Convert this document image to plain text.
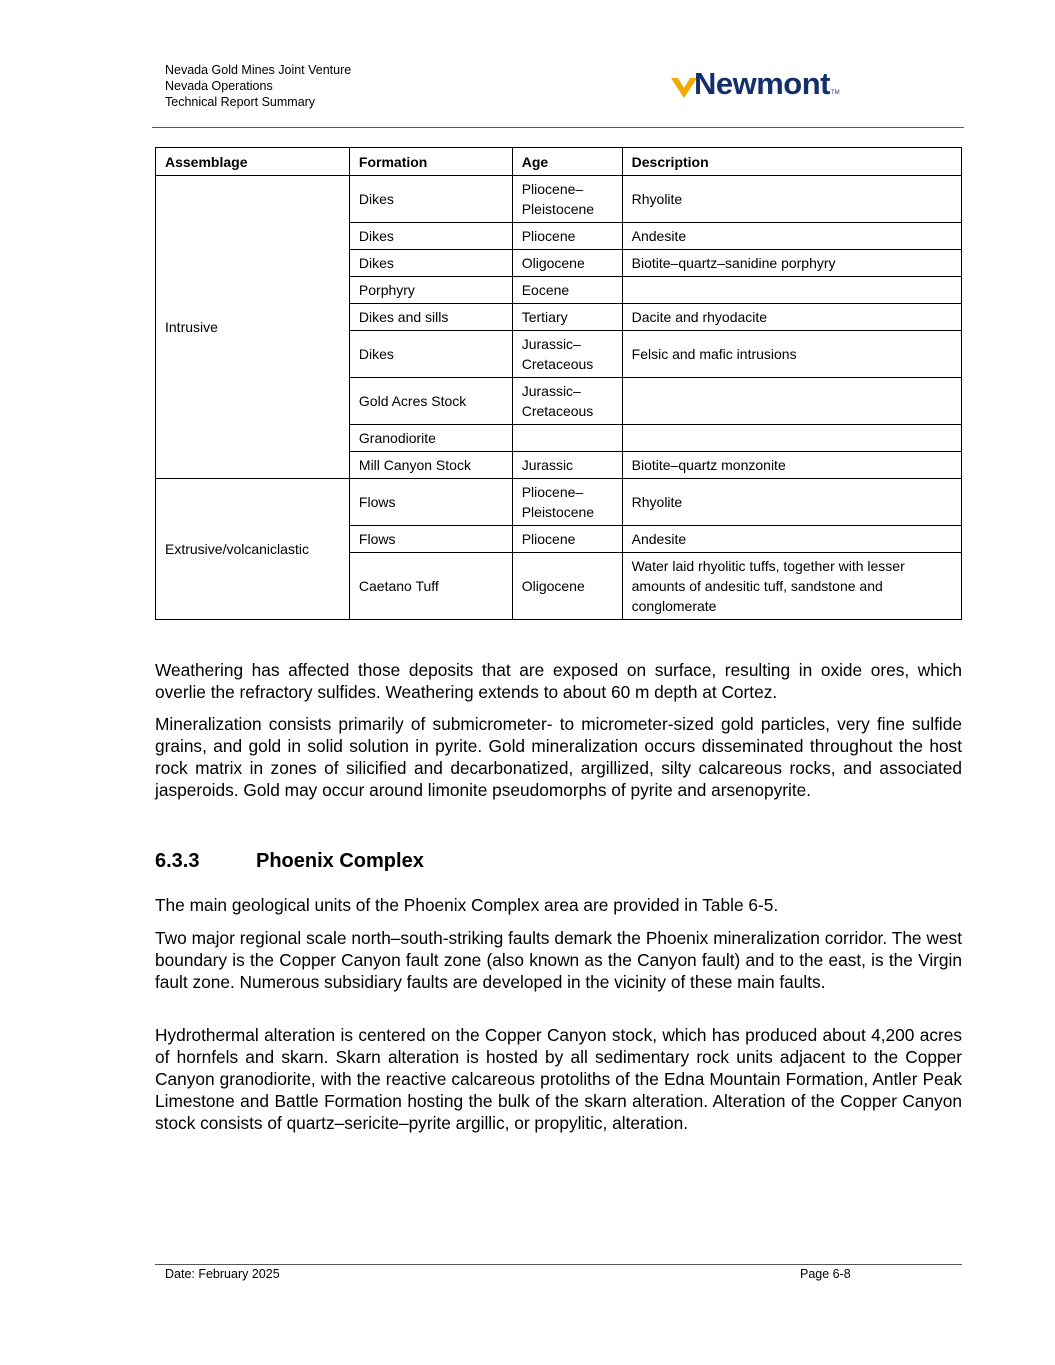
Nevada Gold Mines Joint Venture
Nevada Operations
Technical Report Summary
Newmont TM
Assemblage	Formation	Age	Description
Intrusive	Dikes	Pliocene–Pleistocene	Rhyolite
	Dikes	Pliocene	Andesite
	Dikes	Oligocene	Biotite–quartz–sanidine porphyry
	Porphyry	Eocene	
	Dikes and sills	Tertiary	Dacite and rhyodacite
	Dikes	Jurassic–Cretaceous	Felsic and mafic intrusions
	Gold Acres Stock	Jurassic–Cretaceous	
	Granodiorite		
	Mill Canyon Stock	Jurassic	Biotite–quartz monzonite
Extrusive/volcaniclastic	Flows	Pliocene–Pleistocene	Rhyolite
	Flows	Pliocene	Andesite
	Caetano Tuff	Oligocene	Water laid rhyolitic tuffs, together with lesser amounts of andesitic tuff, sandstone and conglomerate

Weathering has affected those deposits that are exposed on surface, resulting in oxide ores, which overlie the refractory sulfides. Weathering extends to about 60 m depth at Cortez.

Mineralization consists primarily of submicrometer- to micrometer-sized gold particles, very fine sulfide grains, and gold in solid solution in pyrite. Gold mineralization occurs disseminated throughout the host rock matrix in zones of silicified and decarbonatized, argillized, silty calcareous rocks, and associated jasperoids. Gold may occur around limonite pseudomorphs of pyrite and arsenopyrite.

6.3.3	Phoenix Complex

The main geological units of the Phoenix Complex area are provided in Table 6-5.

Two major regional scale north–south-striking faults demark the Phoenix mineralization corridor. The west boundary is the Copper Canyon fault zone (also known as the Canyon fault) and to the east, is the Virgin fault zone. Numerous subsidiary faults are developed in the vicinity of these main faults.

Hydrothermal alteration is centered on the Copper Canyon stock, which has produced about 4,200 acres of hornfels and skarn. Skarn alteration is hosted by all sedimentary rock units adjacent to the Copper Canyon granodiorite, with the reactive calcareous protoliths of the Edna Mountain Formation, Antler Peak Limestone and Battle Formation hosting the bulk of the skarn alteration. Alteration of the Copper Canyon stock consists of quartz–sericite–pyrite argillic, or propylitic, alteration.

Date: February 2025	Page 6-8
